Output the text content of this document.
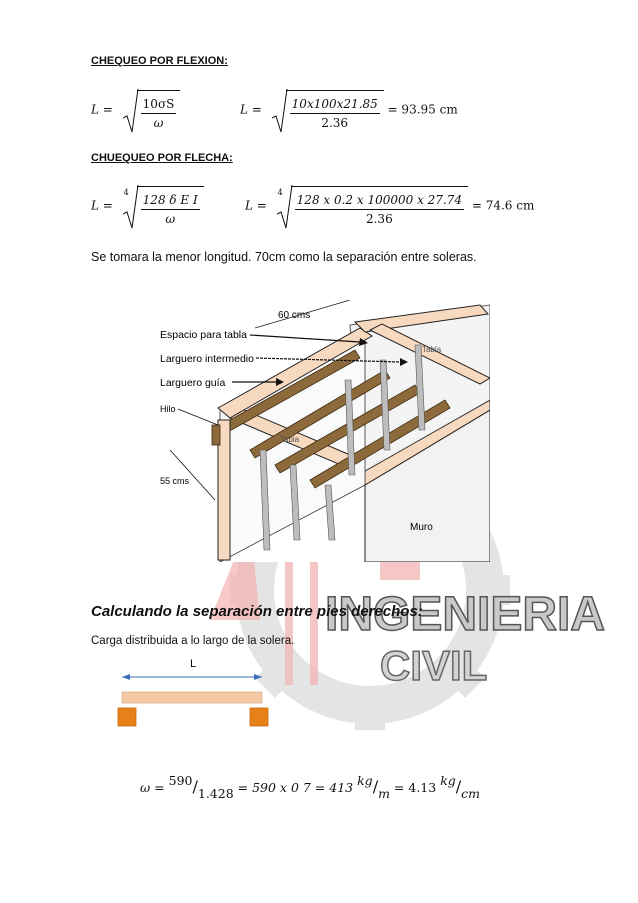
INGENIERIA
CIVIL
CHEQUEO POR FLEXION:
$L = \frac{10\sigma S}{\omega}$	$L = \frac{10x100x21.85}{2.36} = 93.95$ cm
CHUEQUEO POR FLECHA:
L =
4
$\frac{\text{128 δ E I}}{\omega}$	L =
4
$\frac{128 x 0.2 x 100000 x 27.74}{2.36} = 74.6$ cm
Se tomara la menor longitud. 70cm como la separación entre soleras.
60 cms
Espacio para tabla
Larguero intermedio
Larguero guía
Hilo
55 cms
Tabla
Tabla
Muro
Calculando la separación entre pies derechos:
Carga distribuida a lo largo de la solera.
L
ω = 590/1.428 = 590 x 0 7 = 413 kg/m = 4.13 kg/cm
